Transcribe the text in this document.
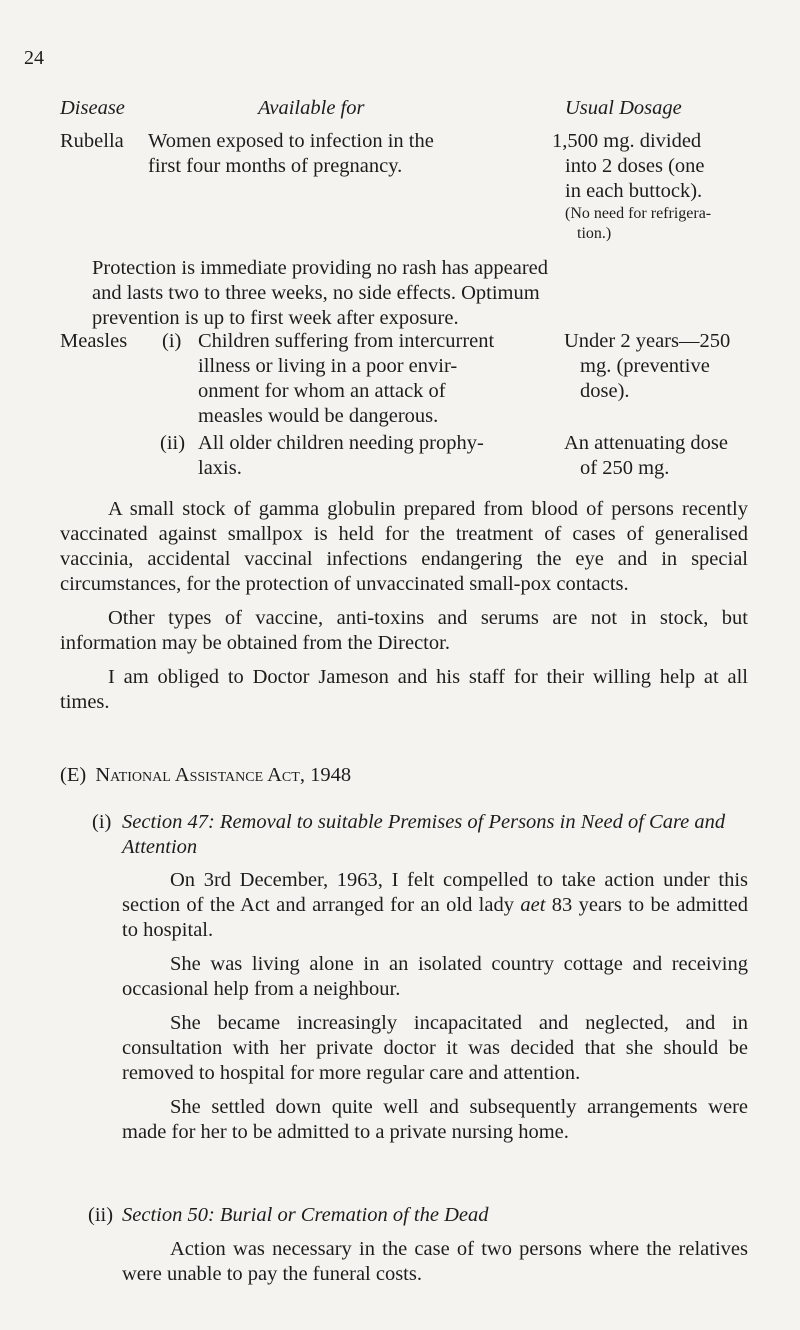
24
Disease	Available for	Usual Dosage
Rubella Women exposed to infection in the
first four months of pregnancy.
1,500 mg. divided
into 2 doses (one
in each buttock).
(No need for refrigera-
tion.)
Protection is immediate providing no rash has appeared
and lasts two to three weeks, no side effects. Optimum
prevention is up to first week after exposure.
Measles (i) Children suffering from intercurrent
illness or living in a poor envir-
onment for whom an attack of
measles would be dangerous.
Under 2 years—250
mg. (preventive
dose).
(ii) All older children needing prophy-
laxis.
An attenuating dose
of 250 mg.

A small stock of gamma globulin prepared from blood of persons recently vaccinated against smallpox is held for the treatment of cases of generalised vaccinia, accidental vaccinal infections endangering the eye and in special circumstances, for the protection of unvaccinated small-pox contacts.

Other types of vaccine, anti-toxins and serums are not in stock, but information may be obtained from the Director.

I am obliged to Doctor Jameson and his staff for their willing help at all times.

(E) National Assistance Act, 1948
(i) Section 47: Removal to suitable Premises of Persons in Need of Care and Attention

On 3rd December, 1963, I felt compelled to take action under this section of the Act and arranged for an old lady aet 83 years to be admitted to hospital.

She was living alone in an isolated country cottage and receiving occasional help from a neighbour.

She became increasingly incapacitated and neglected, and in consultation with her private doctor it was decided that she should be removed to hospital for more regular care and attention.

She settled down quite well and subsequently arrangements were made for her to be admitted to a private nursing home.

(ii) Section 50: Burial or Cremation of the Dead

Action was necessary in the case of two persons where the relatives were unable to pay the funeral costs.
